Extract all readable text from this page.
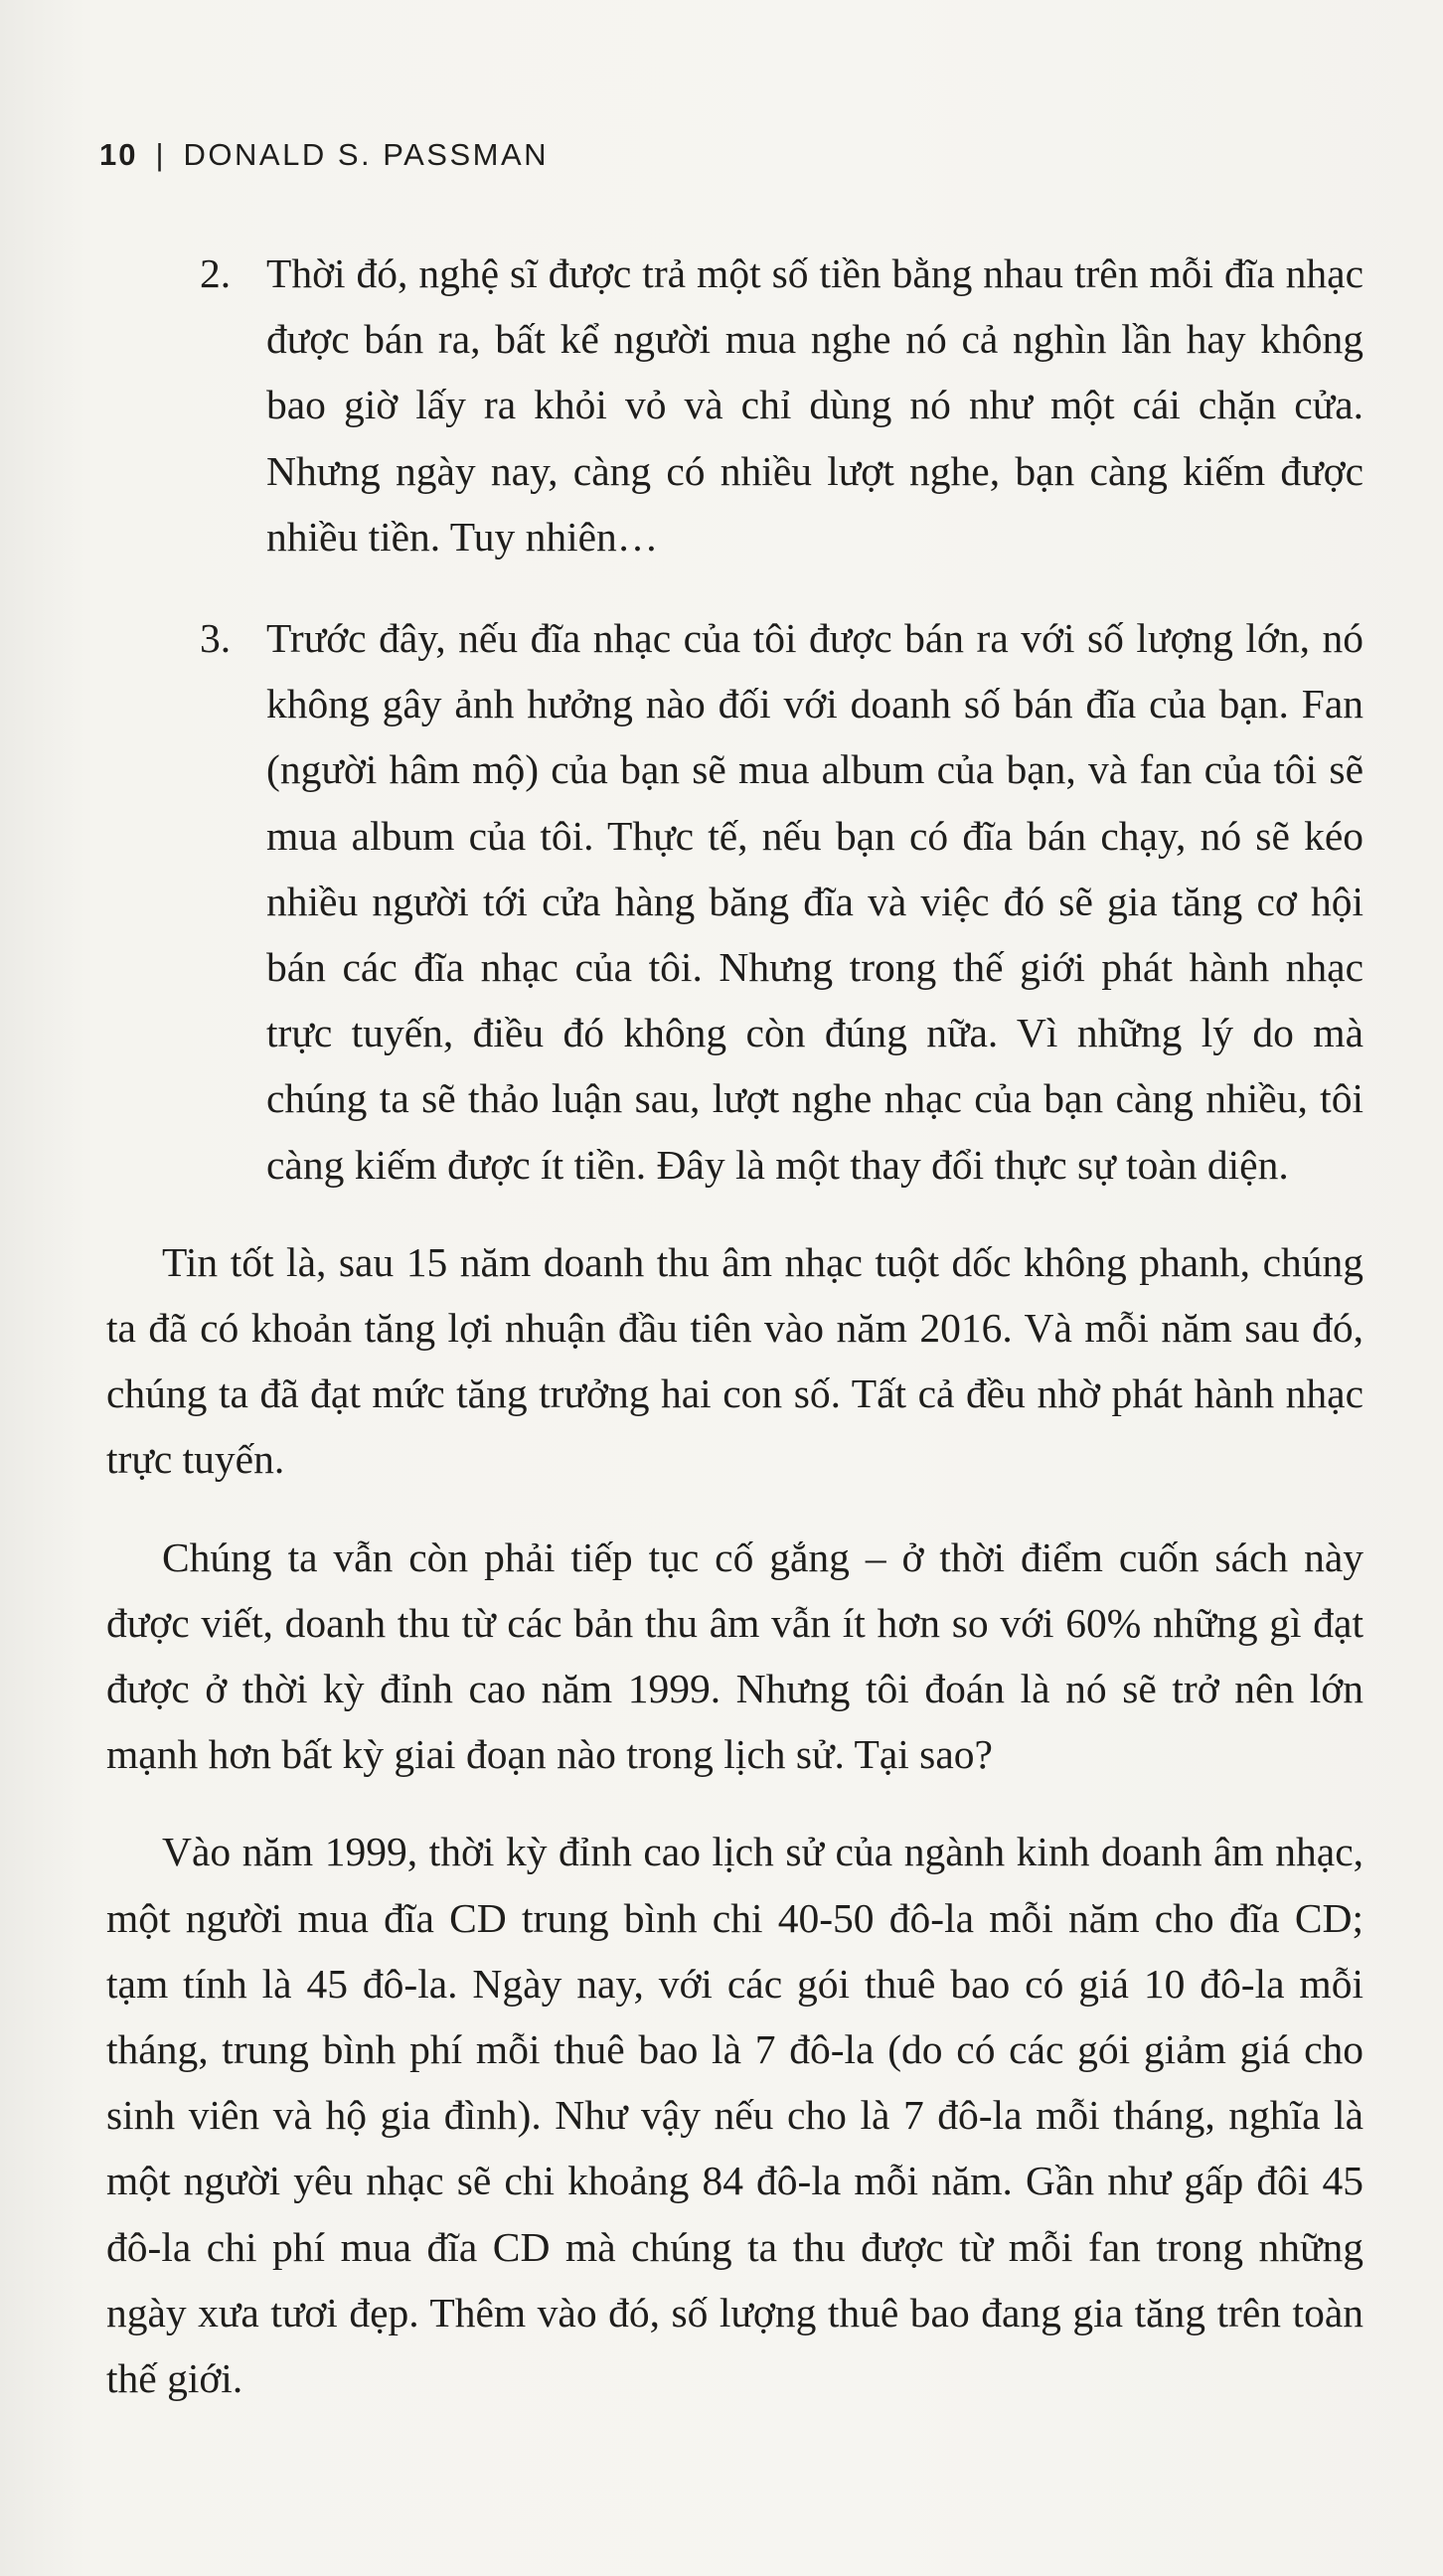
10 | DONALD S. PASSMAN
2. Thời đó, nghệ sĩ được trả một số tiền bằng nhau trên mỗi đĩa nhạc được bán ra, bất kể người mua nghe nó cả nghìn lần hay không bao giờ lấy ra khỏi vỏ và chỉ dùng nó như một cái chặn cửa. Nhưng ngày nay, càng có nhiều lượt nghe, bạn càng kiếm được nhiều tiền. Tuy nhiên…
3. Trước đây, nếu đĩa nhạc của tôi được bán ra với số lượng lớn, nó không gây ảnh hưởng nào đối với doanh số bán đĩa của bạn. Fan (người hâm mộ) của bạn sẽ mua album của bạn, và fan của tôi sẽ mua album của tôi. Thực tế, nếu bạn có đĩa bán chạy, nó sẽ kéo nhiều người tới cửa hàng băng đĩa và việc đó sẽ gia tăng cơ hội bán các đĩa nhạc của tôi. Nhưng trong thế giới phát hành nhạc trực tuyến, điều đó không còn đúng nữa. Vì những lý do mà chúng ta sẽ thảo luận sau, lượt nghe nhạc của bạn càng nhiều, tôi càng kiếm được ít tiền. Đây là một thay đổi thực sự toàn diện.

Tin tốt là, sau 15 năm doanh thu âm nhạc tuột dốc không phanh, chúng ta đã có khoản tăng lợi nhuận đầu tiên vào năm 2016. Và mỗi năm sau đó, chúng ta đã đạt mức tăng trưởng hai con số. Tất cả đều nhờ phát hành nhạc trực tuyến.

Chúng ta vẫn còn phải tiếp tục cố gắng – ở thời điểm cuốn sách này được viết, doanh thu từ các bản thu âm vẫn ít hơn so với 60% những gì đạt được ở thời kỳ đỉnh cao năm 1999. Nhưng tôi đoán là nó sẽ trở nên lớn mạnh hơn bất kỳ giai đoạn nào trong lịch sử. Tại sao?

Vào năm 1999, thời kỳ đỉnh cao lịch sử của ngành kinh doanh âm nhạc, một người mua đĩa CD trung bình chi 40-50 đô-la mỗi năm cho đĩa CD; tạm tính là 45 đô-la. Ngày nay, với các gói thuê bao có giá 10 đô-la mỗi tháng, trung bình phí mỗi thuê bao là 7 đô-la (do có các gói giảm giá cho sinh viên và hộ gia đình). Như vậy nếu cho là 7 đô-la mỗi tháng, nghĩa là một người yêu nhạc sẽ chi khoảng 84 đô-la mỗi năm. Gần như gấp đôi 45 đô-la chi phí mua đĩa CD mà chúng ta thu được từ mỗi fan trong những ngày xưa tươi đẹp. Thêm vào đó, số lượng thuê bao đang gia tăng trên toàn thế giới.
